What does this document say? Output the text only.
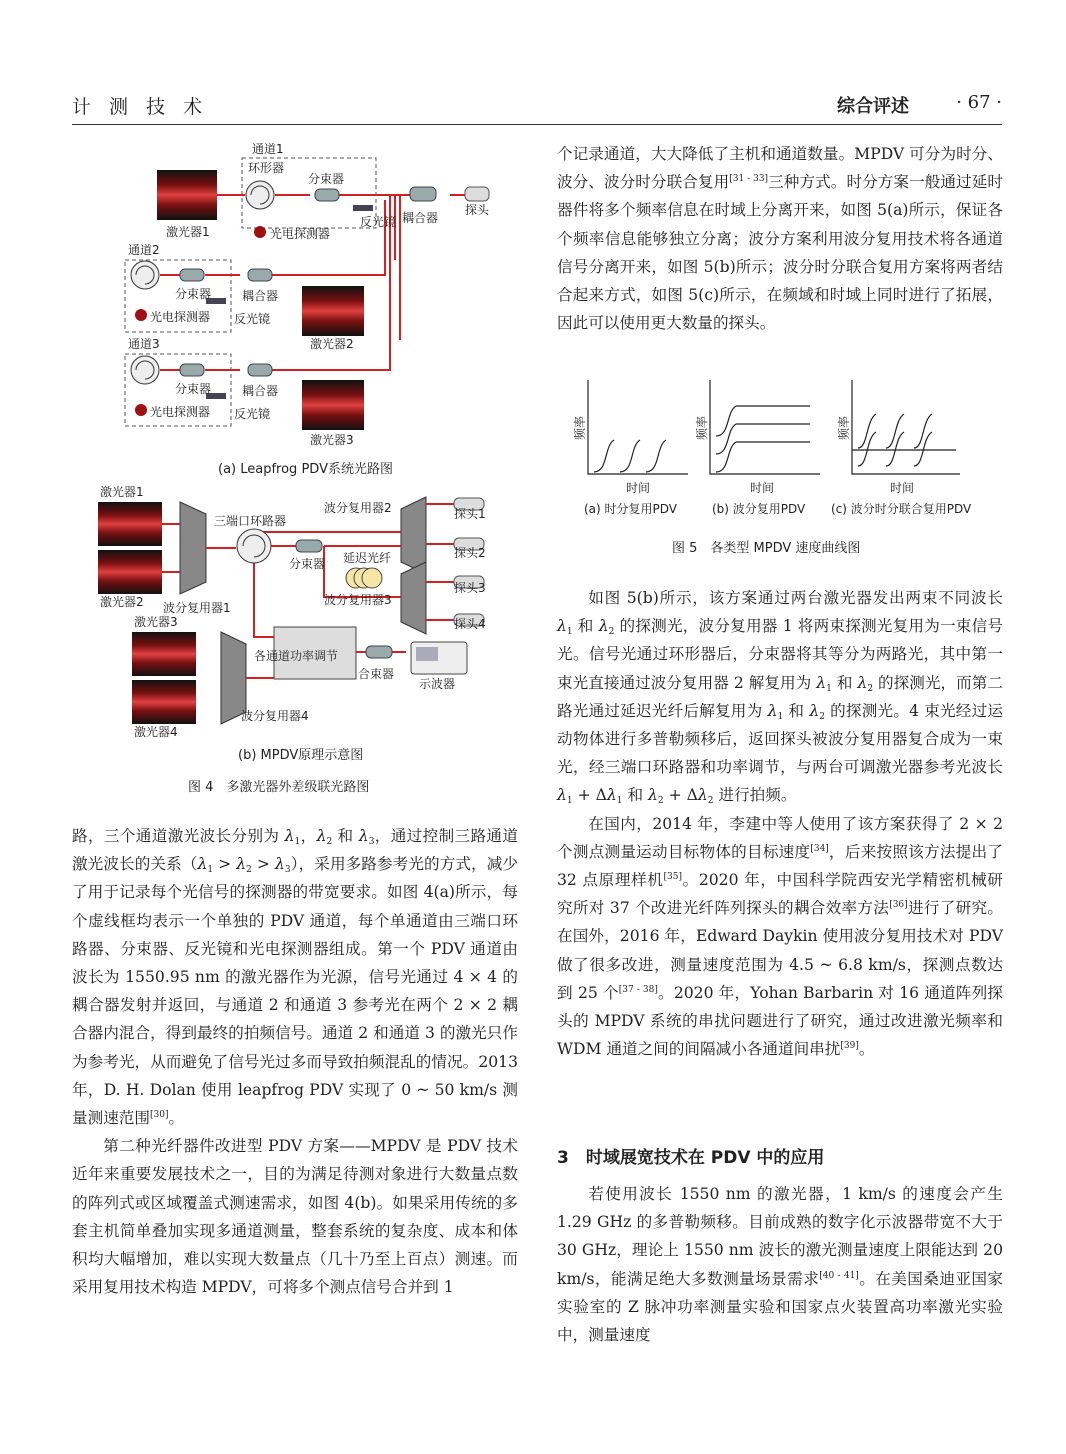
计 测 技 术	综合评述	· 67 ·
通道1
环形器
分束器
反光镜 耦合器
探头
激光器1	光电探测器
通道2
分束器	耦合器
光电探测器 反光镜
激光器2
通道3
分束器	耦合器
光电探测器 反光镜
激光器3
(a) Leapfrog PDV系统光路图
激光器1
激光器2
激光器3
激光器4
三端口环路器
波分复用器1
波分复用器2
波分复用器3
波分复用器4
分束器 延迟光纤
探头1
探头2
探头3
探头4
各通道功率调节
合束器
示波器
(b) MPDV原理示意图
图 4　多激光器外差级联光路图
时间	时间	时间
频率	频率	频率
(a) 时分复用PDV	(b) 波分复用PDV (c) 波分时分联合复用PDV
图 5　各类型 MPDV 速度曲线图

个记录通道，大大降低了主机和通道数量。MPDV 可分为时分、波分、波分时分联合复用[31 - 33]三种方式。时分方案一般通过延时器件将多个频率信息在时域上分离开来，如图 5(a)所示，保证各个频率信息能够独立分离；波分方案利用波分复用技术将各通道信号分离开来，如图 5(b)所示；波分时分联合复用方案将两者结合起来方式，如图 5(c)所示，在频域和时域上同时进行了拓展，因此可以使用更大数量的探头。

如图 5(b)所示，该方案通过两台激光器发出两束不同波长 $\lambda_1$ 和 $\lambda_2$ 的探测光，波分复用器 1 将两束探测光复用为一束信号光。信号光通过环形器后，分束器将其等分为两路光，其中第一束光直接通过波分复用器 2 解复用为 $\lambda_1$ 和 $\lambda_2$ 的探测光，而第二路光通过延迟光纤后解复用为 $\lambda_1$ 和 $\lambda_2$ 的探测光。4 束光经过运动物体进行多普勒频移后，返回探头被波分复用器复合成为一束光，经三端口环路器和功率调节，与两台可调激光器参考光波长 $\lambda_1 + \Delta\lambda_1$ 和 $\lambda_2 + \Delta\lambda_2$ 进行拍频。

在国内，2014 年，李建中等人使用了该方案获得了 2 × 2 个测点测量运动目标物体的目标速度[34]，后来按照该方法提出了 32 点原理样机[35]。2020 年，中国科学院西安光学精密机械研究所对 37 个改进光纤阵列探头的耦合效率方法[36]进行了研究。在国外，2016 年，Edward Daykin 使用波分复用技术对 PDV 做了很多改进，测量速度范围为 4.5 ~ 6.8 km/s，探测点数达到 25 个[37 - 38]。2020 年，Yohan Barbarin 对 16 通道阵列探头的 MPDV 系统的串扰问题进行了研究，通过改进激光频率和 WDM 通道之间的间隔减小各通道间串扰[39]。

3　时域展宽技术在 PDV 中的应用

若使用波长 1550 nm 的激光器，1 km/s 的速度会产生 1.29 GHz 的多普勒频移。目前成熟的数字化示波器带宽不大于 30 GHz，理论上 1550 nm 波长的激光测量速度上限能达到 20 km/s，能满足绝大多数测量场景需求[40 - 41]。在美国桑迪亚国家实验室的 Z 脉冲功率测量实验和国家点火装置高功率激光实验中，测量速度

路，三个通道激光波长分别为 $\lambda_1$，$\lambda_2$ 和 $\lambda_3$，通过控制三路通道激光波长的关系$(\lambda_1 > \lambda_2 > \lambda_3)$，采用多路参考光的方式，减少了用于记录每个光信号的探测器的带宽要求。如图 4(a)所示，每个虚线框均表示一个单独的 PDV 通道，每个单通道由三端口环路器、分束器、反光镜和光电探测器组成。第一个 PDV 通道由波长为 1550.95 nm 的激光器作为光源，信号光通过 4 × 4 的耦合器发射并返回，与通道 2 和通道 3 参考光在两个 2 × 2 耦合器内混合，得到最终的拍频信号。通道 2 和通道 3 的激光只作为参考光，从而避免了信号光过多而导致拍频混乱的情况。2013 年，D. H. Dolan 使用 leapfrog PDV 实现了 0 ~ 50 km/s 测量测速范围[30]。

第二种光纤器件改进型 PDV 方案——MPDV 是 PDV 技术近年来重要发展技术之一，目的为满足待测对象进行大数量点数的阵列式或区域覆盖式测速需求，如图 4(b)。如果采用传统的多套主机简单叠加实现多通道测量，整套系统的复杂度、成本和体积均大幅增加，难以实现大数量点（几十乃至上百点）测速。而采用复用技术构造 MPDV，可将多个测点信号合并到 1
